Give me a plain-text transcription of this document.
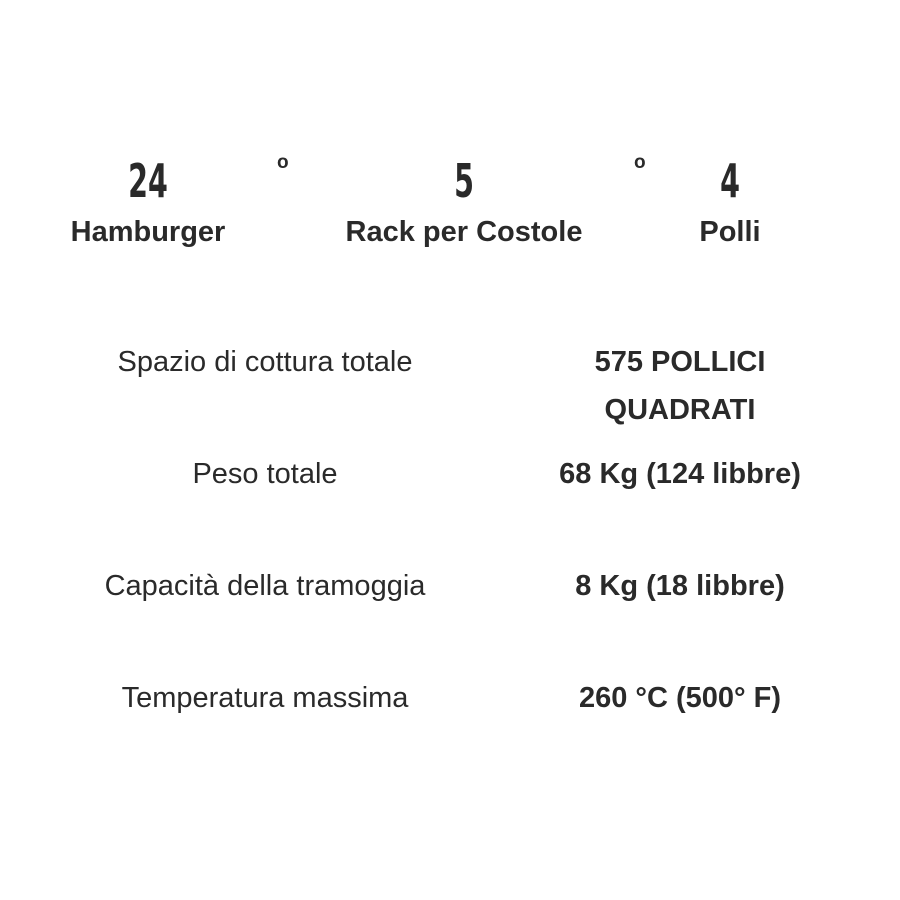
24
Hamburger
o	5
Rack per Costole
o	4
Polli
Spazio di cottura totale	575 POLLICI QUADRATI
Peso totale	68 Kg (124 libbre)
Capacità della tramoggia	8 Kg (18 libbre)
Temperatura massima	260 °C (500° F)
